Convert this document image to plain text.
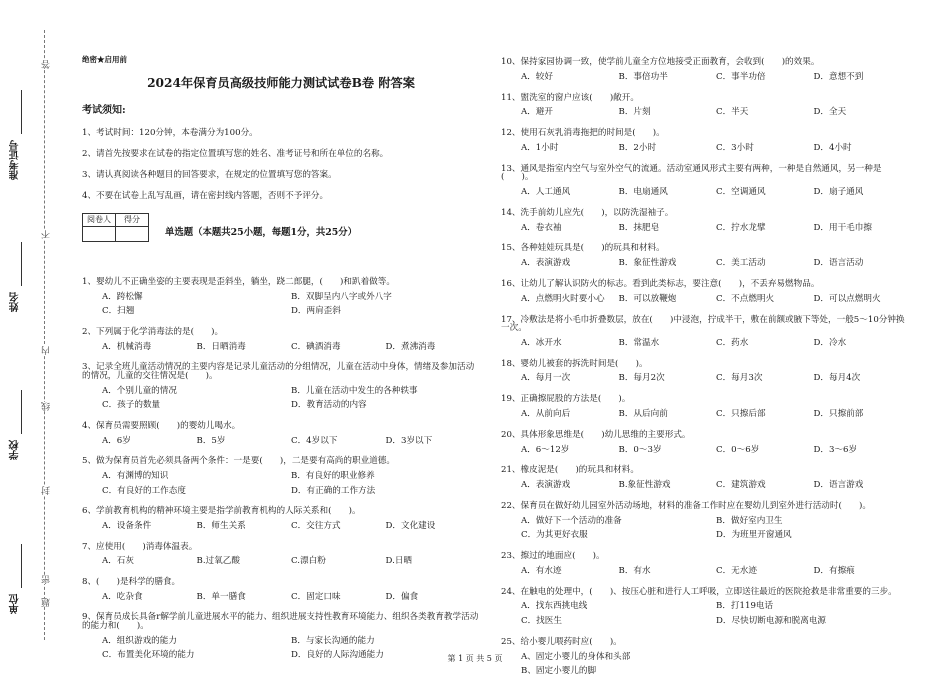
准考证号
姓名
学校
单位
答
不
内
线
封
密
题
绝密★启用前
2024年保育员高级技师能力测试试卷B卷 附答案
考试须知:
1、考试时间：120分钟，本卷满分为100分。
2、请首先按要求在试卷的指定位置填写您的姓名、准考证号和所在单位的名称。
3、请认真阅读各种题目的回答要求，在规定的位置填写您的答案。
4、不要在试卷上乱写乱画，请在密封线内答题，否则不予评分。
阅卷人	得分

单选题（本题共25小题，每题1分，共25分）
1、婴幼儿不正确坐姿的主要表现是歪斜坐，躺坐，跷二郎腿，(　　)和趴着做等。
A．跨松懈	B．双脚呈内八字或外八字
C．扫翘	D．两肩歪斜
2、下列属于化学消毒法的是(　　)。
A．机械消毒	B．日晒消毒	C．碘酒消毒	D．煮沸消毒
3、记录全班儿童活动情况的主要内容是记录儿童活动的分组情况，儿童在活动中身体，情绪及参加活动的情况，儿童的交往情况是(　　)。
A．个别儿童的情况	B．儿童在活动中发生的各种轶事
C．孩子的数量	D．教育活动的内容
4、保育员需要照顾(　　)的婴幼儿喝水。
A．6岁	B．5岁	C．4岁以下	D．3岁以下
5、做为保育员首先必须具备两个条件：一是要(　　)，二是要有高尚的职业道德。
A．有渊博的知识	B．有良好的职业修养
C．有良好的工作态度	D．有正确的工作方法
6、学前教育机构的精神环境主要是指学前教育机构的人际关系和(　　)。
A．设备条件	B．师生关系	C．交往方式	D．文化建设
7、应使用(　　)消毒体温表。
A．石灰	B.过氧乙酸	C.漂白粉	D.日晒
8、(　　)是科学的膳食。
A．吃杂食	B．单一膳食	C．固定口味	D．偏食
9、保育员成长具备r解学前儿童进展水平的能力、组织进展支持性教育环境能力、组织各类教育教学活动的能力和(　　)。
A．组织游戏的能力	B．与家长沟通的能力
C．布置美化环境的能力	D．良好的人际沟通能力
10、保持家园协调一致，使学前儿童全方位地接受正面教育，会收到(　　)的效果。
A．较好	B．事倍功半	C．事半功倍	D．意想不到
11、盥洗室的窗户应该(　　)敞开。
A．避开	B．片刻	C．半天	D．全天
12、使用石灰乳消毒拖把的时间是(　　)。
A．1小时	B．2小时	C．3小时	D．4小时
13、通风是指室内空气与室外空气的流通。活动室通风形式主要有两种，一种是自然通风，另一种是(　　)。
A．人工通风	B．电扇通风	C．空调通风	D．扇子通风
14、洗手前幼儿应先(　　)，以防洗湿袖子。
A．卷衣袖	B．抹肥皂	C．拧水龙擘	D．用干毛巾擦
15、各种娃娃玩具是(　　)的玩具和材料。
A．表演游戏	B．象征性游戏	C．美工活动	D．语言活动
16、让幼儿了解认识防火的标志。看到此类标志，要注意(　　)，不丢弃易燃物品。
A．点燃明火时要小心	B．可以放鞭炮	C．不点燃明火	D．可以点燃明火
17、冷敷法是将小毛巾折叠数层，放在(　　)中浸泡，拧成半干，敷在前额或腋下等处，一般5～10分钟换一次。
A．冰开水	B．常温水	C．药水	D．冷水
18、婴幼儿被套的拆洗时间是(　　)。
A．每月一次	B．每月2次	C．每月3次	D．每月4次
19、正确擦屁股的方法是(　　)。
A．从前向后	B．从后向前	C．只擦后部	D．只擦前部
20、具体形象思维是(　　)幼儿思维的主要形式。
A．6～12岁	B．0～3岁	C．0～6岁	D．3～6岁
21、橡皮泥是(　　)的玩具和材料。
A．表演游戏	B.象征性游戏	C．建筑游戏	D．语言游戏
22、保育员在做好幼儿园室外活动场地，材料的准备工作时应在婴幼儿到室外进行活动时(　　)。
A．做好下一个活动的准备	B．做好室内卫生
C．为其更好衣服	D．为班里开窗通风
23、擦过的地面应(　　)。
A．有水迹	B．有水	C．无水迹	D．有擦痕
24、在触电的处理中，(　　)、按压心脏和进行人工呼吸，立即送往最近的医院抢救是非常重要的三步。
A．找东西挑电线	B．打119电话
C．找医生	D．尽快切断电源和脱离电源
25、给小婴儿喂药时应(　　)。
A、固定小婴儿的身体和头部
B、固定小婴儿的脚
第 1 页 共 5 页
